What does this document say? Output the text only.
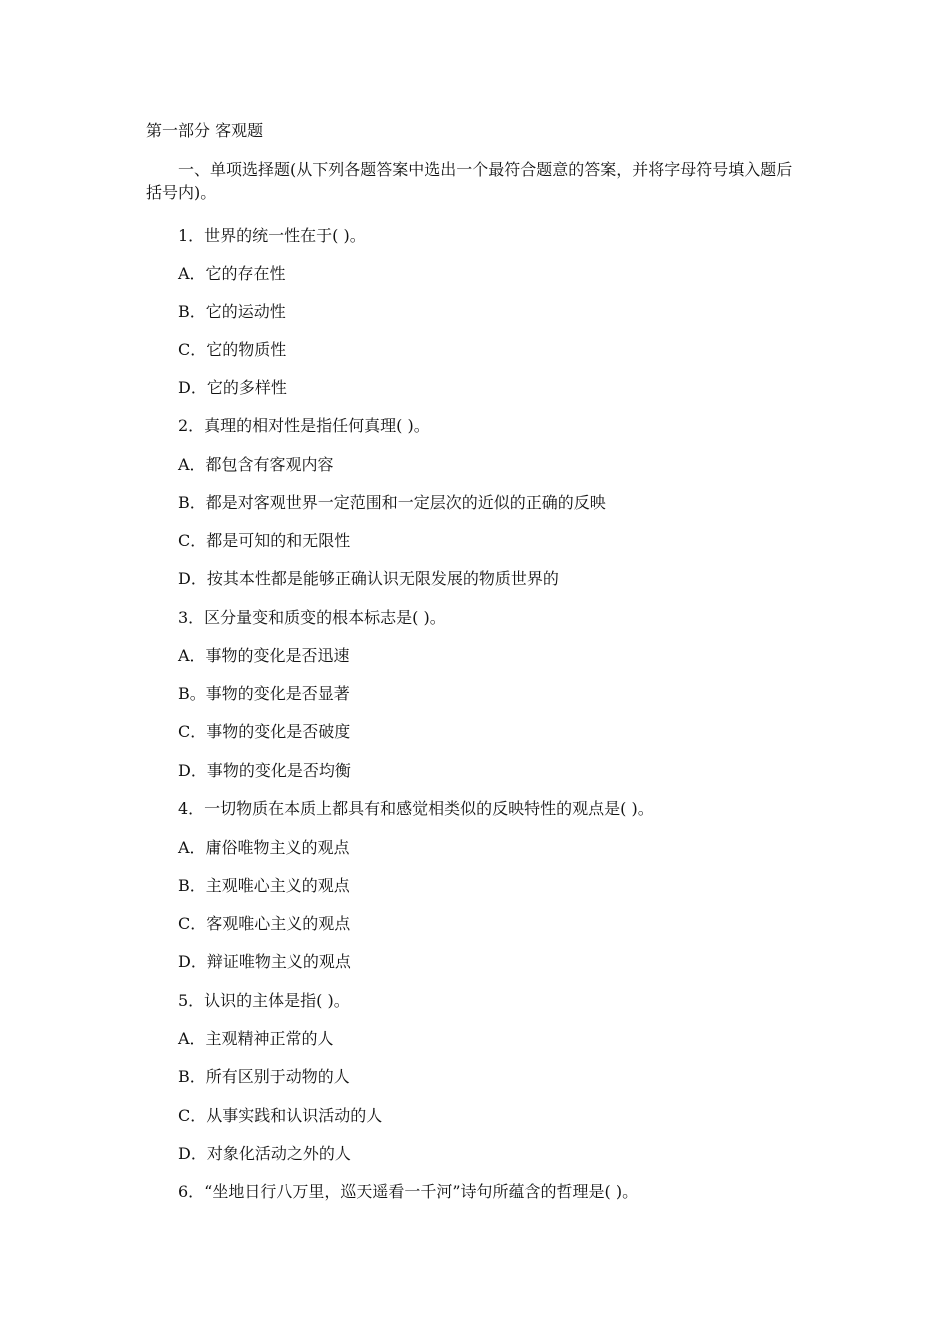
第一部分 客观题
一、单项选择题(从下列各题答案中选出一个最符合题意的答案，并将字母符号填入题后括号内)。
1．世界的统一性在于( )。
A．它的存在性
B．它的运动性
C．它的物质性
D．它的多样性
2．真理的相对性是指任何真理( )。
A．都包含有客观内容
B．都是对客观世界一定范围和一定层次的近似的正确的反映
C．都是可知的和无限性
D．按其本性都是能够正确认识无限发展的物质世界的
3．区分量变和质变的根本标志是( )。
A．事物的变化是否迅速
B。事物的变化是否显著
C．事物的变化是否破度
D．事物的变化是否均衡
4．一切物质在本质上都具有和感觉相类似的反映特性的观点是( )。
A．庸俗唯物主义的观点
B．主观唯心主义的观点
C．客观唯心主义的观点
D．辩证唯物主义的观点
5．认识的主体是指( )。
A．主观精神正常的人
B．所有区别于动物的人
C．从事实践和认识活动的人
D．对象化活动之外的人
6．“坐地日行八万里，巡天遥看一千河”诗句所蕴含的哲理是( )。
